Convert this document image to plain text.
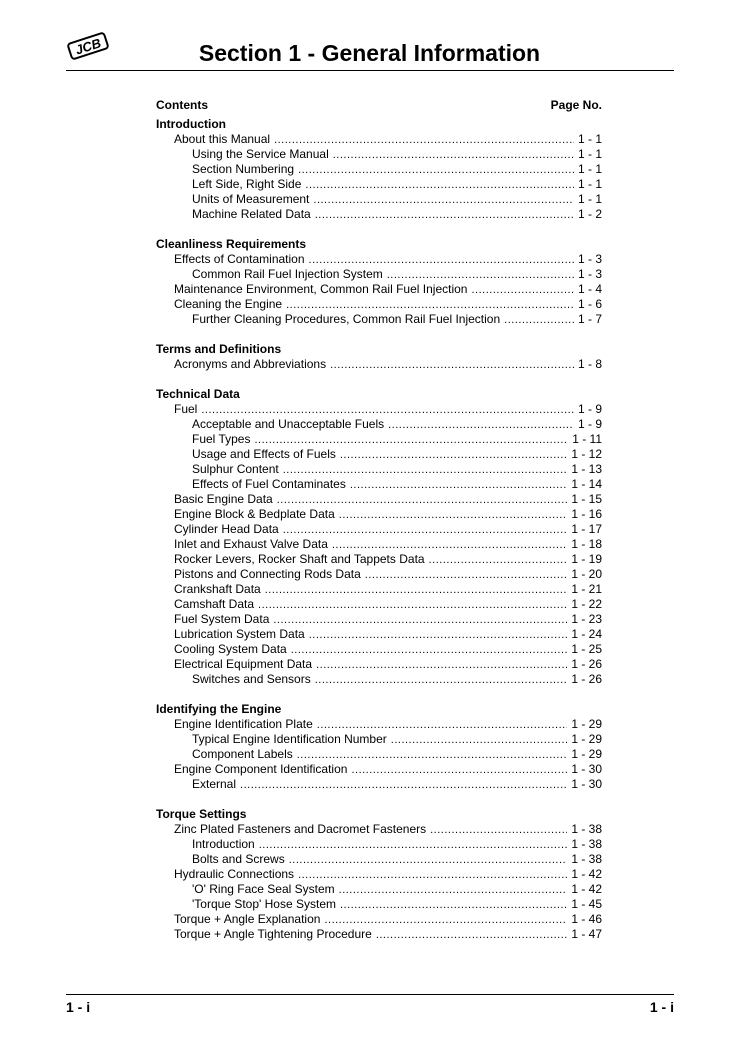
JCB	Section 1 - General Information
Contents	Page No.
Introduction
About this Manual .....	1 - 1
Using the Service Manual .....	1 - 1
Section Numbering .....	1 - 1
Left Side, Right Side .....	1 - 1
Units of Measurement .....	1 - 1
Machine Related Data .....	1 - 2
Cleanliness Requirements
Effects of Contamination .....	1 - 3
Common Rail Fuel Injection System .....	1 - 3
Maintenance Environment, Common Rail Fuel Injection .....	1 - 4
Cleaning the Engine .....	1 - 6
Further Cleaning Procedures, Common Rail Fuel Injection .....	1 - 7
Terms and Definitions
Acronyms and Abbreviations .....	1 - 8
Technical Data
Fuel .....	1 - 9
Acceptable and Unacceptable Fuels .....	1 - 9
Fuel Types .....	1 - 11
Usage and Effects of Fuels .....	1 - 12
Sulphur Content .....	1 - 13
Effects of Fuel Contaminates .....	1 - 14
Basic Engine Data .....	1 - 15
Engine Block & Bedplate Data .....	1 - 16
Cylinder Head Data .....	1 - 17
Inlet and Exhaust Valve Data .....	1 - 18
Rocker Levers, Rocker Shaft and Tappets Data .....	1 - 19
Pistons and Connecting Rods Data .....	1 - 20
Crankshaft Data .....	1 - 21
Camshaft Data .....	1 - 22
Fuel System Data .....	1 - 23
Lubrication System Data .....	1 - 24
Cooling System Data .....	1 - 25
Electrical Equipment Data .....	1 - 26
Switches and Sensors .....	1 - 26
Identifying the Engine
Engine Identification Plate .....	1 - 29
Typical Engine Identification Number .....	1 - 29
Component Labels .....	1 - 29
Engine Component Identification .....	1 - 30
External .....	1 - 30
Torque Settings
Zinc Plated Fasteners and Dacromet Fasteners .....	1 - 38
Introduction .....	1 - 38
Bolts and Screws .....	1 - 38
Hydraulic Connections .....	1 - 42
'O' Ring Face Seal System .....	1 - 42
'Torque Stop' Hose System .....	1 - 45
Torque + Angle Explanation .....	1 - 46
Torque + Angle Tightening Procedure .....	1 - 47
1 - i	1 - i
